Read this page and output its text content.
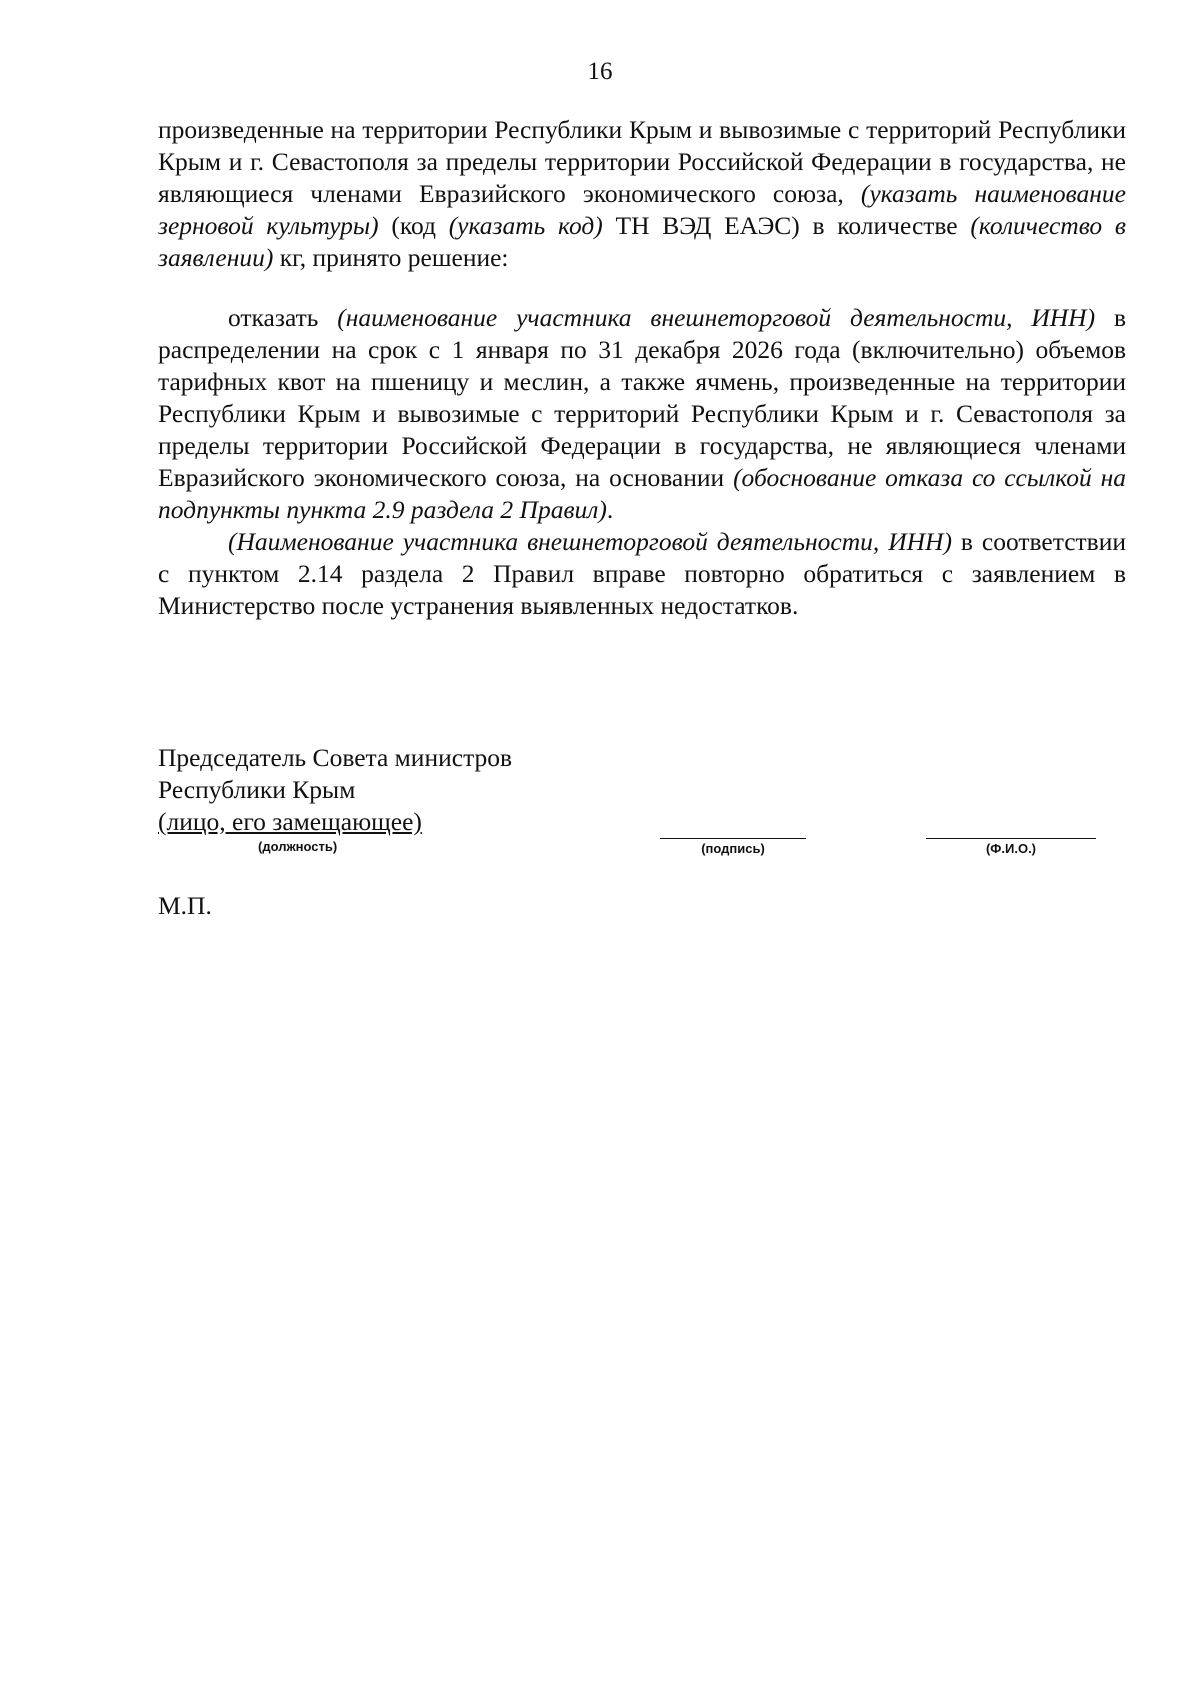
16

произведенные на территории Республики Крым и вывозимые с территорий Республики Крым и г. Севастополя за пределы территории Российской Федерации в государства, не являющиеся членами Евразийского экономического союза, (указать наименование зерновой культуры) (код (указать код) ТН ВЭД ЕАЭС) в количестве (количество в заявлении) кг, принято решение:

отказать (наименование участника внешнеторговой деятельности, ИНН) в распределении на срок с 1 января по 31 декабря 2026 года (включительно) объемов тарифных квот на пшеницу и меслин, а также ячмень, произведенные на территории Республики Крым и вывозимые с территорий Республики Крым и г. Севастополя за пределы территории Российской Федерации в государства, не являющиеся членами Евразийского экономического союза, на основании (обоснование отказа со ссылкой на подпункты пункта 2.9 раздела 2 Правил).

(Наименование участника внешнеторговой деятельности, ИНН) в соответствии с пунктом 2.14 раздела 2 Правил вправе повторно обратиться с заявлением в Министерство после устранения выявленных недостатков.

Председатель Совета министров
Республики Крым
(лицо, его замещающее)
(должность)	(подпись)	(Ф.И.О.)
М.П.
